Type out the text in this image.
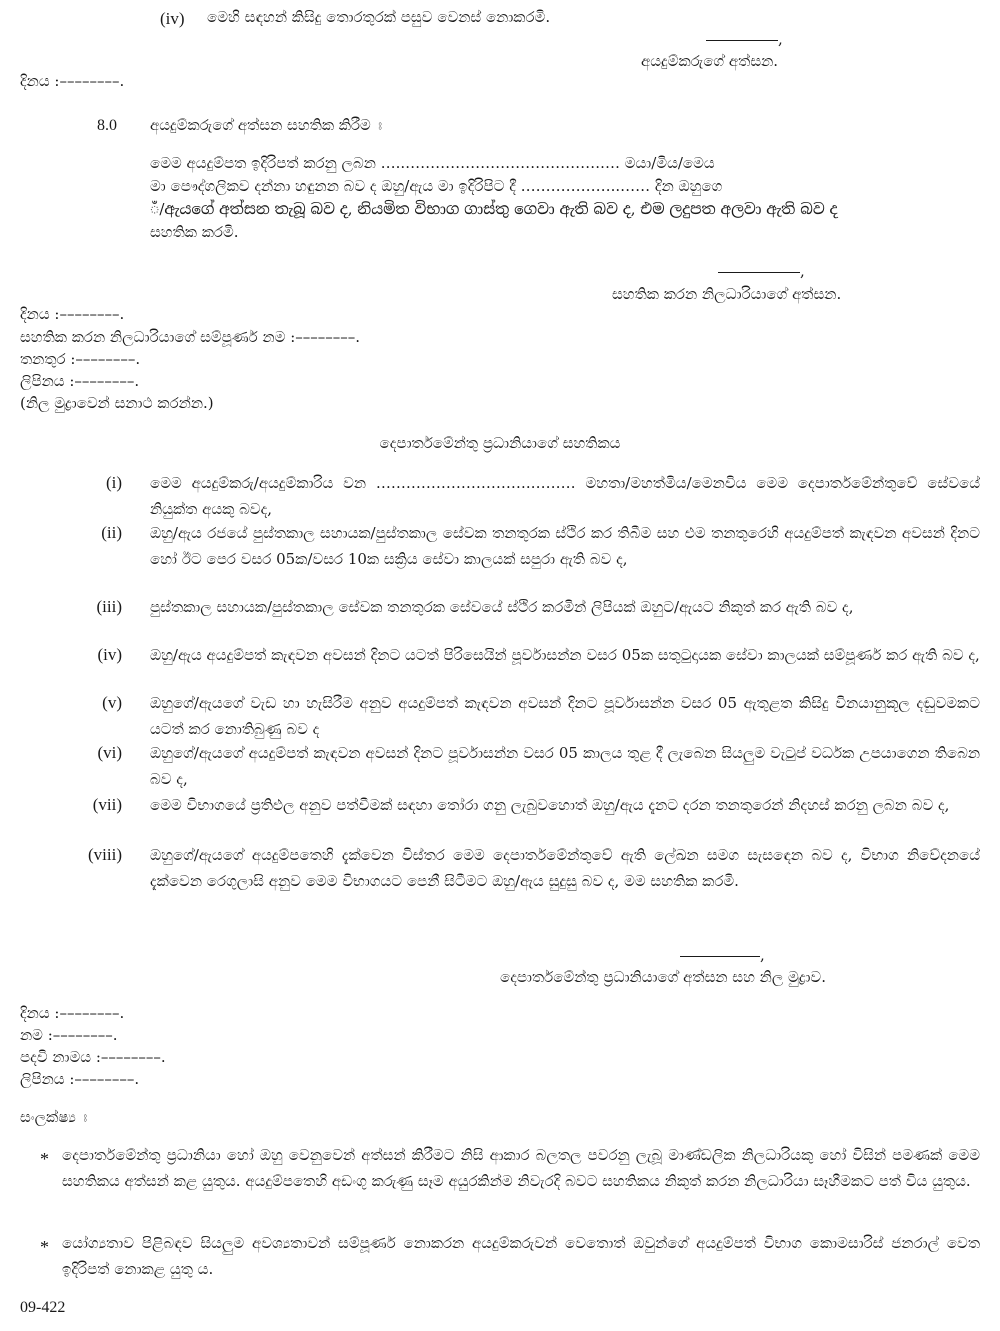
(iv) මෙහි සඳහන් කිසිදු තොරතුරක් පසුව වෙනස් නොකරමි.
,
අයදුම්කරුගේ අත්සන.
දිනය :––––––––.
8.0 අයදුම්කරුගේ අත්සන සහතික කිරීම ඃ
මෙම අයදුම්පත ඉදිරිපත් කරනු ලබන …..………………………………….… මයා/මිය/මෙය
මා පෞද්ගලිකව දන්නා හඳුනන බව ද ඔහු/ඇය මා ඉදිරිපිට දී ………………..…… දින ඔහුගෙ
ඁ/ඇයගේ අත්සන තැබූ බව ද, නියමිත විභාග ගාස්තු ගෙවා ඇති බව ද, එම ලදුපත අලවා ඇති බව ද
සහතික කරමි.
,
සහතික කරන නිලධාරියාගේ අත්සන.
දිනය :––––––––.
සහතික කරන නිලධාරියාගේ සම්පූර්ණ නම :––––––––.
තනතුර :––––––––.
ලිපිනය :––––––––.
(නිල මුද්‍රාවෙන් සනාථ කරන්න.)
දෙපාර්තමේන්තු ප්‍රධානියාගේ සහතිකය
(i) මෙම අයදුම්කරු/අයදුම්කාරිය වන ………………………….……… මහතා/මහත්මිය/මෙනවිය මෙම දෙපාර්තමේන්තුවේ සේවයේ නියුක්ත අයකු බවද,
(ii) ඔහු/ඇය රජයේ පුස්තකාල සහායක/පුස්තකාල සේවක තනතුරක ස්ථිර කර තිබීම සහ එම තනතුරෙහි අයදුම්පත් කැඳවන අවසන් දිනට හෝ ඊට පෙර වසර 05ක/වසර 10ක සක්‍රිය සේවා කාලයක් සපුරා ඇති බව ද,
(iii) පුස්තකාල සහායක/පුස්තකාල සේවක තනතුරක සේවයේ ස්ථිර කරමින් ලිපියක් ඔහුට/ඇයට නිකුත් කර ඇති බව ද,
(iv) ඔහු/ඇය අයදුම්පත් කැඳවන අවසන් දිනට යටත් පිරිසෙයින් පූර්වාසන්න වසර 05ක සතුටුදායක සේවා කාලයක් සම්පූර්ණ කර ඇති බව ද,
(v) ඔහුගේ/ඇයගේ වැඩ හා හැසිරීම අනුව අයදුම්පත් කැඳවන අවසන් දිනට පූර්වාසන්න වසර 05 ඇතුළත කිසිදු විනයානුකූල දඬුවමකට යටත් කර නොතිබුණු බව ද
(vi) ඔහුගේ/ඇයගේ අයදුම්පත් කැඳවන අවසන් දිනට පූර්වාසන්න වසර 05 කාලය තුළ දී ලැබෙන සියලුම වැටුප් වර්ධක උපයාගෙන තිබෙන බව ද,
(vii) මෙම විභාගයේ ප්‍රතිඵල අනුව පත්වීමක් සඳහා තෝරා ගනු ලැබුවහොත් ඔහු/ඇය දැනට දරන තනතුරෙන් නිදහස් කරනු ලබන බව ද,
(viii) ඔහුගේ/ඇයගේ අයදුම්පතෙහි දැක්වෙන විස්තර මෙම දෙපාර්තමේන්තුවේ ඇති ලේඛන සමග සැසඳෙන බව ද, විභාග නිවේදනයේ දැක්වෙන රෙගුලාසි අනුව මෙම විභාගයට පෙනී සිටීමට ඔහු/ඇය සුදුසු බව ද, මම සහතික කරමි.
,
දෙපාර්තමේන්තු ප්‍රධානියාගේ අත්සන සහ නිල මුද්‍රාව.
දිනය :––––––––.
නම :––––––––.
පදවි නාමය :––––––––.
ලිපිනය :––––––––.
සංලක්ෂ්‍ය ඃ
* දෙපාර්තමේන්තු ප්‍රධානියා හෝ ඔහු වෙනුවෙන් අත්සන් කිරීමට නිසි ආකාර බලතල පවරනු ලැබූ මාණ්ඩලික නිලධාරියකු හෝ විසින් පමණක් මෙම සහතිකය අත්සන් කළ යුතුය. අයදුම්පතෙහි අඩංගු කරුණු සෑම අයුරකින්ම නිවැරදි බවට සහතිකය නිකුත් කරන නිලධාරියා සෑහීමකට පත් විය යුතුය.
* යෝග්‍යතාව පිළිබඳව සියලුම අවශ්‍යතාවන් සම්පූර්ණ නොකරන අයදුම්කරුවන් වෙතොත් ඔවුන්ගේ අයදුම්පත් විභාග කොමසාරිස් ජනරාල් වෙත ඉදිරිපත් නොකළ යුතු ය.
09-422
